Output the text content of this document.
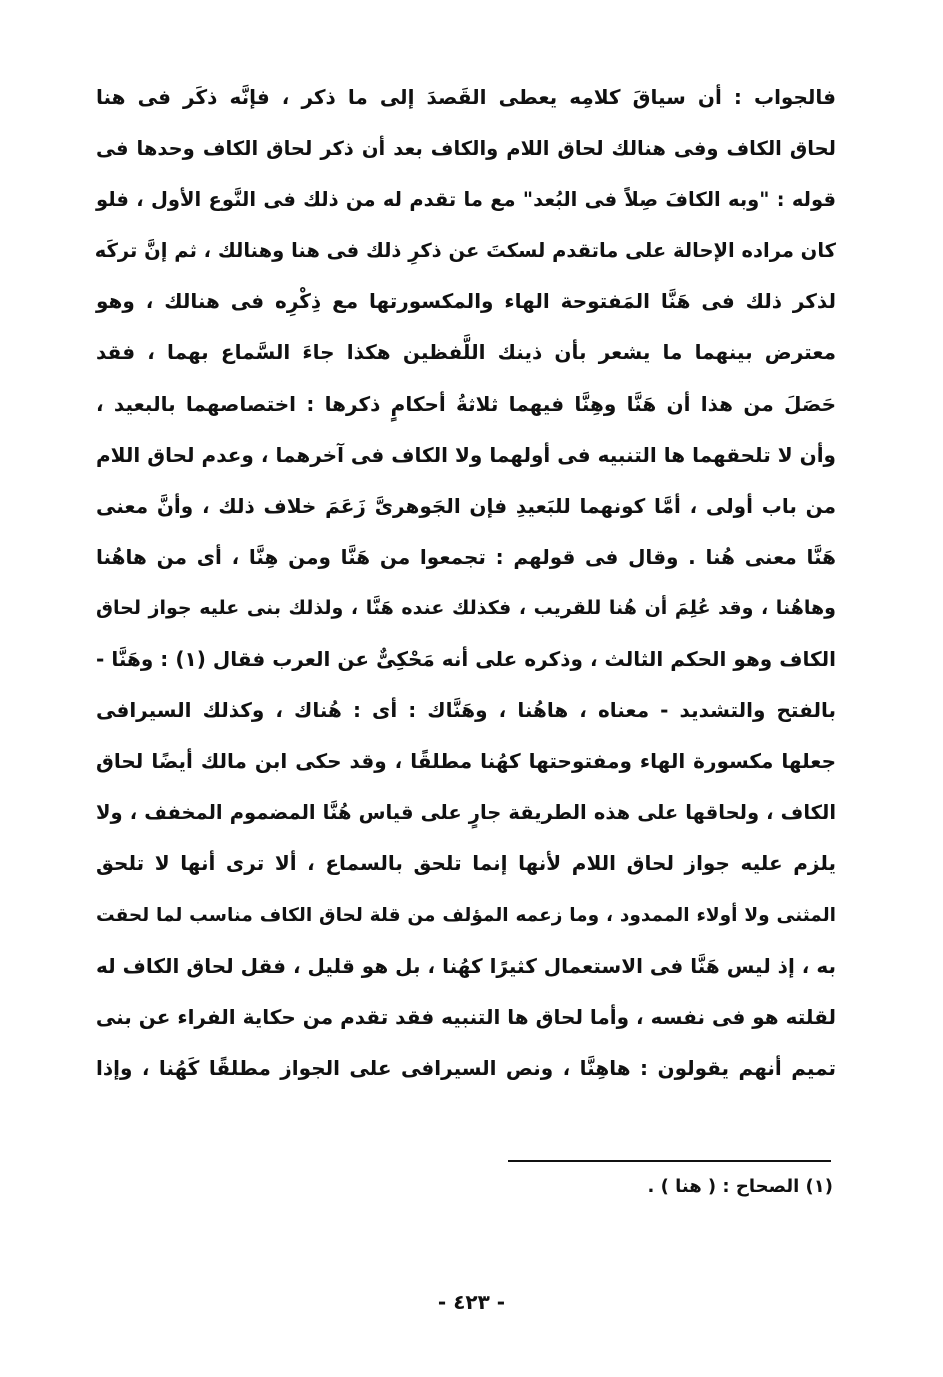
فالجواب : أن سياقَ كلامِه يعطى القَصدَ إلى ما ذكر ، فإنَّه ذكَر فى هنا
لحاق الكاف وفى هنالك لحاق اللام والكاف بعد أن ذكر لحاق الكاف وحدها فى
قوله : "وبه الكافَ صِلاً فى البُعد" مع ما تقدم له من ذلك فى النَّوع الأول ، فلو
كان مراده الإحالة على ماتقدم لسكتَ عن ذكرِ ذلك فى هنا وهنالك ، ثم إنَّ تركَه
لذكر ذلك فى هَنَّا المَفتوحة الهاء والمكسورتها مع ذِكْرِه فى هنالك ، وهو
معترض بينهما ما يشعر بأن ذينك اللَّفظين هكذا جاءَ السَّماع بهما ، فقد
حَصَلَ من هذا أن هَنَّا وهِنَّا فيهما ثلاثةُ أحكامٍ ذكرها : اختصاصهما بالبعيد ،
وأن لا تلحقهما ها التنبيه فى أولهما ولا الكاف فى آخرهما ، وعدم لحاق اللام
من باب أولى ، أمَّا كونهما للبَعيدِ فإن الجَوهرىَّ زَعَمَ خلاف ذلك ، وأنَّ معنى
هَنَّا معنى هُنا . وقال فى قولهم : تجمعوا من هَنَّا ومن هِنَّا ، أى من هاهُنا
وهاهُنا ، وقد عُلِمَ أن هُنا للقريب ، فكذلك عنده هَنَّا ، ولذلك بنى عليه جواز لحاق
الكاف وهو الحكم الثالث ، وذكره على أنه مَحْكِىٌّ عن العرب فقال (١) : وهَنَّا -
بالفتح والتشديد - معناه ، هاهُنا ، وهَنَّاك : أى : هُناك ، وكذلك السيرافى
جعلها مكسورة الهاء ومفتوحتها كهُنا مطلقًا ، وقد حكى ابن مالك أيضًا لحاق
الكاف ، ولحاقها على هذه الطريقة جارٍ على قياس هُنَّا المضموم المخفف ، ولا
يلزم عليه جواز لحاق اللام لأنها إنما تلحق بالسماع ، ألا ترى أنها لا تلحق
المثنى ولا أولاء الممدود ، وما زعمه المؤلف من قلة لحاق الكاف مناسب لما لحقت
به ، إذ ليس هَنَّا فى الاستعمال كثيرًا كهُنا ، بل هو قليل ، فقل لحاق الكاف له
لقلته هو فى نفسه ، وأما لحاق ها التنبيه فقد تقدم من حكاية الفراء عن بنى
تميم أنهم يقولون : هاهِنَّا ، ونص السيرافى على الجواز مطلقًا كَهُنا ، وإذا
(١) الصحاح : ( هنا ) .
- ٤٢٣ -
